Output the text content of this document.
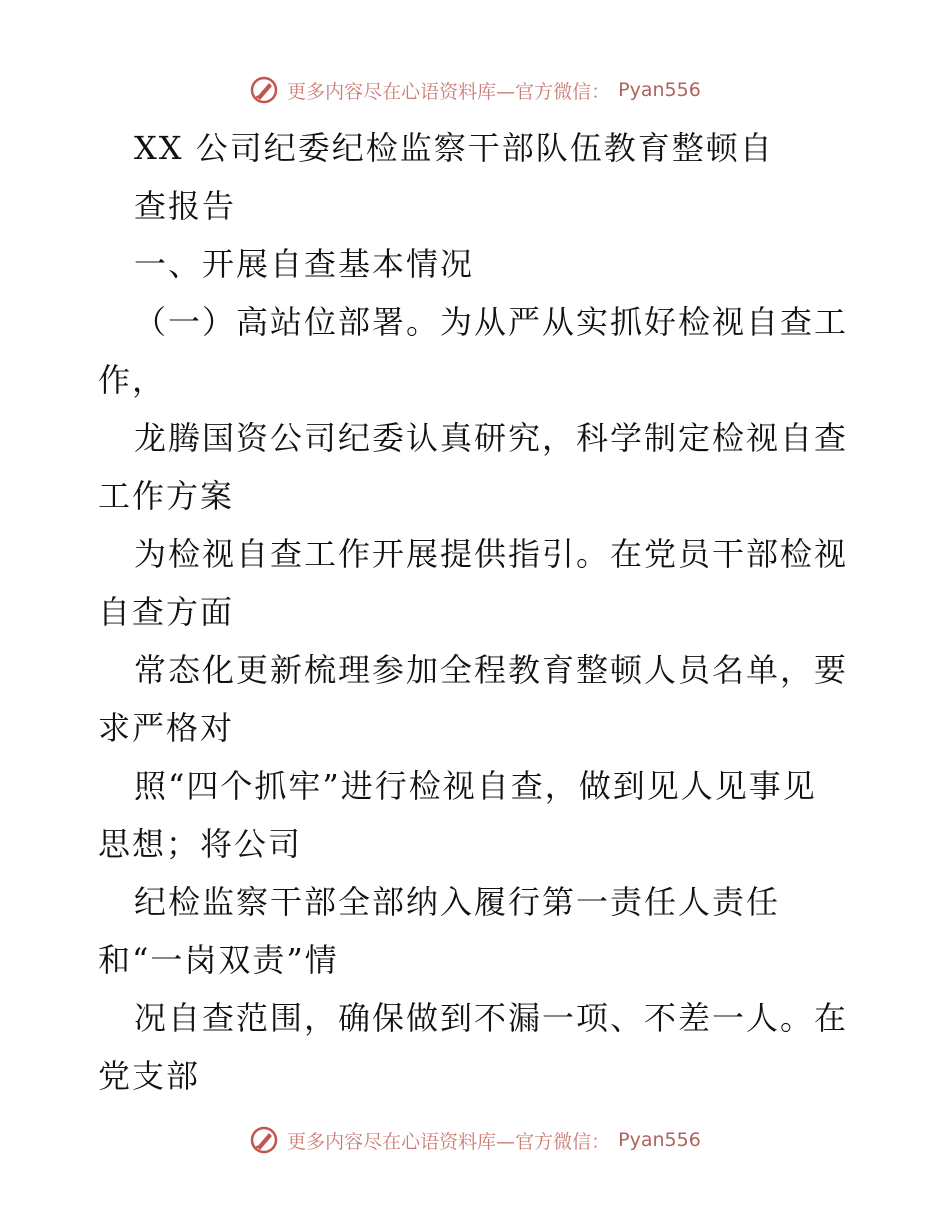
更多内容尽在心语资料库—官方微信： Pyan556
XX 公司纪委纪检监察干部队伍教育整顿自
查报告
一、开展自查基本情况
（一）高站位部署。为从严从实抓好检视自查工
作，
龙腾国资公司纪委认真研究，科学制定检视自查
工作方案
为检视自查工作开展提供指引。在党员干部检视
自查方面
常态化更新梳理参加全程教育整顿人员名单，要
求严格对
照“四个抓牢”进行检视自查，做到见人见事见
思想；将公司
纪检监察干部全部纳入履行第一责任人责任
和“一岗双责”情
况自查范围，确保做到不漏一项、不差一人。在
党支部
更多内容尽在心语资料库—官方微信： Pyan556
